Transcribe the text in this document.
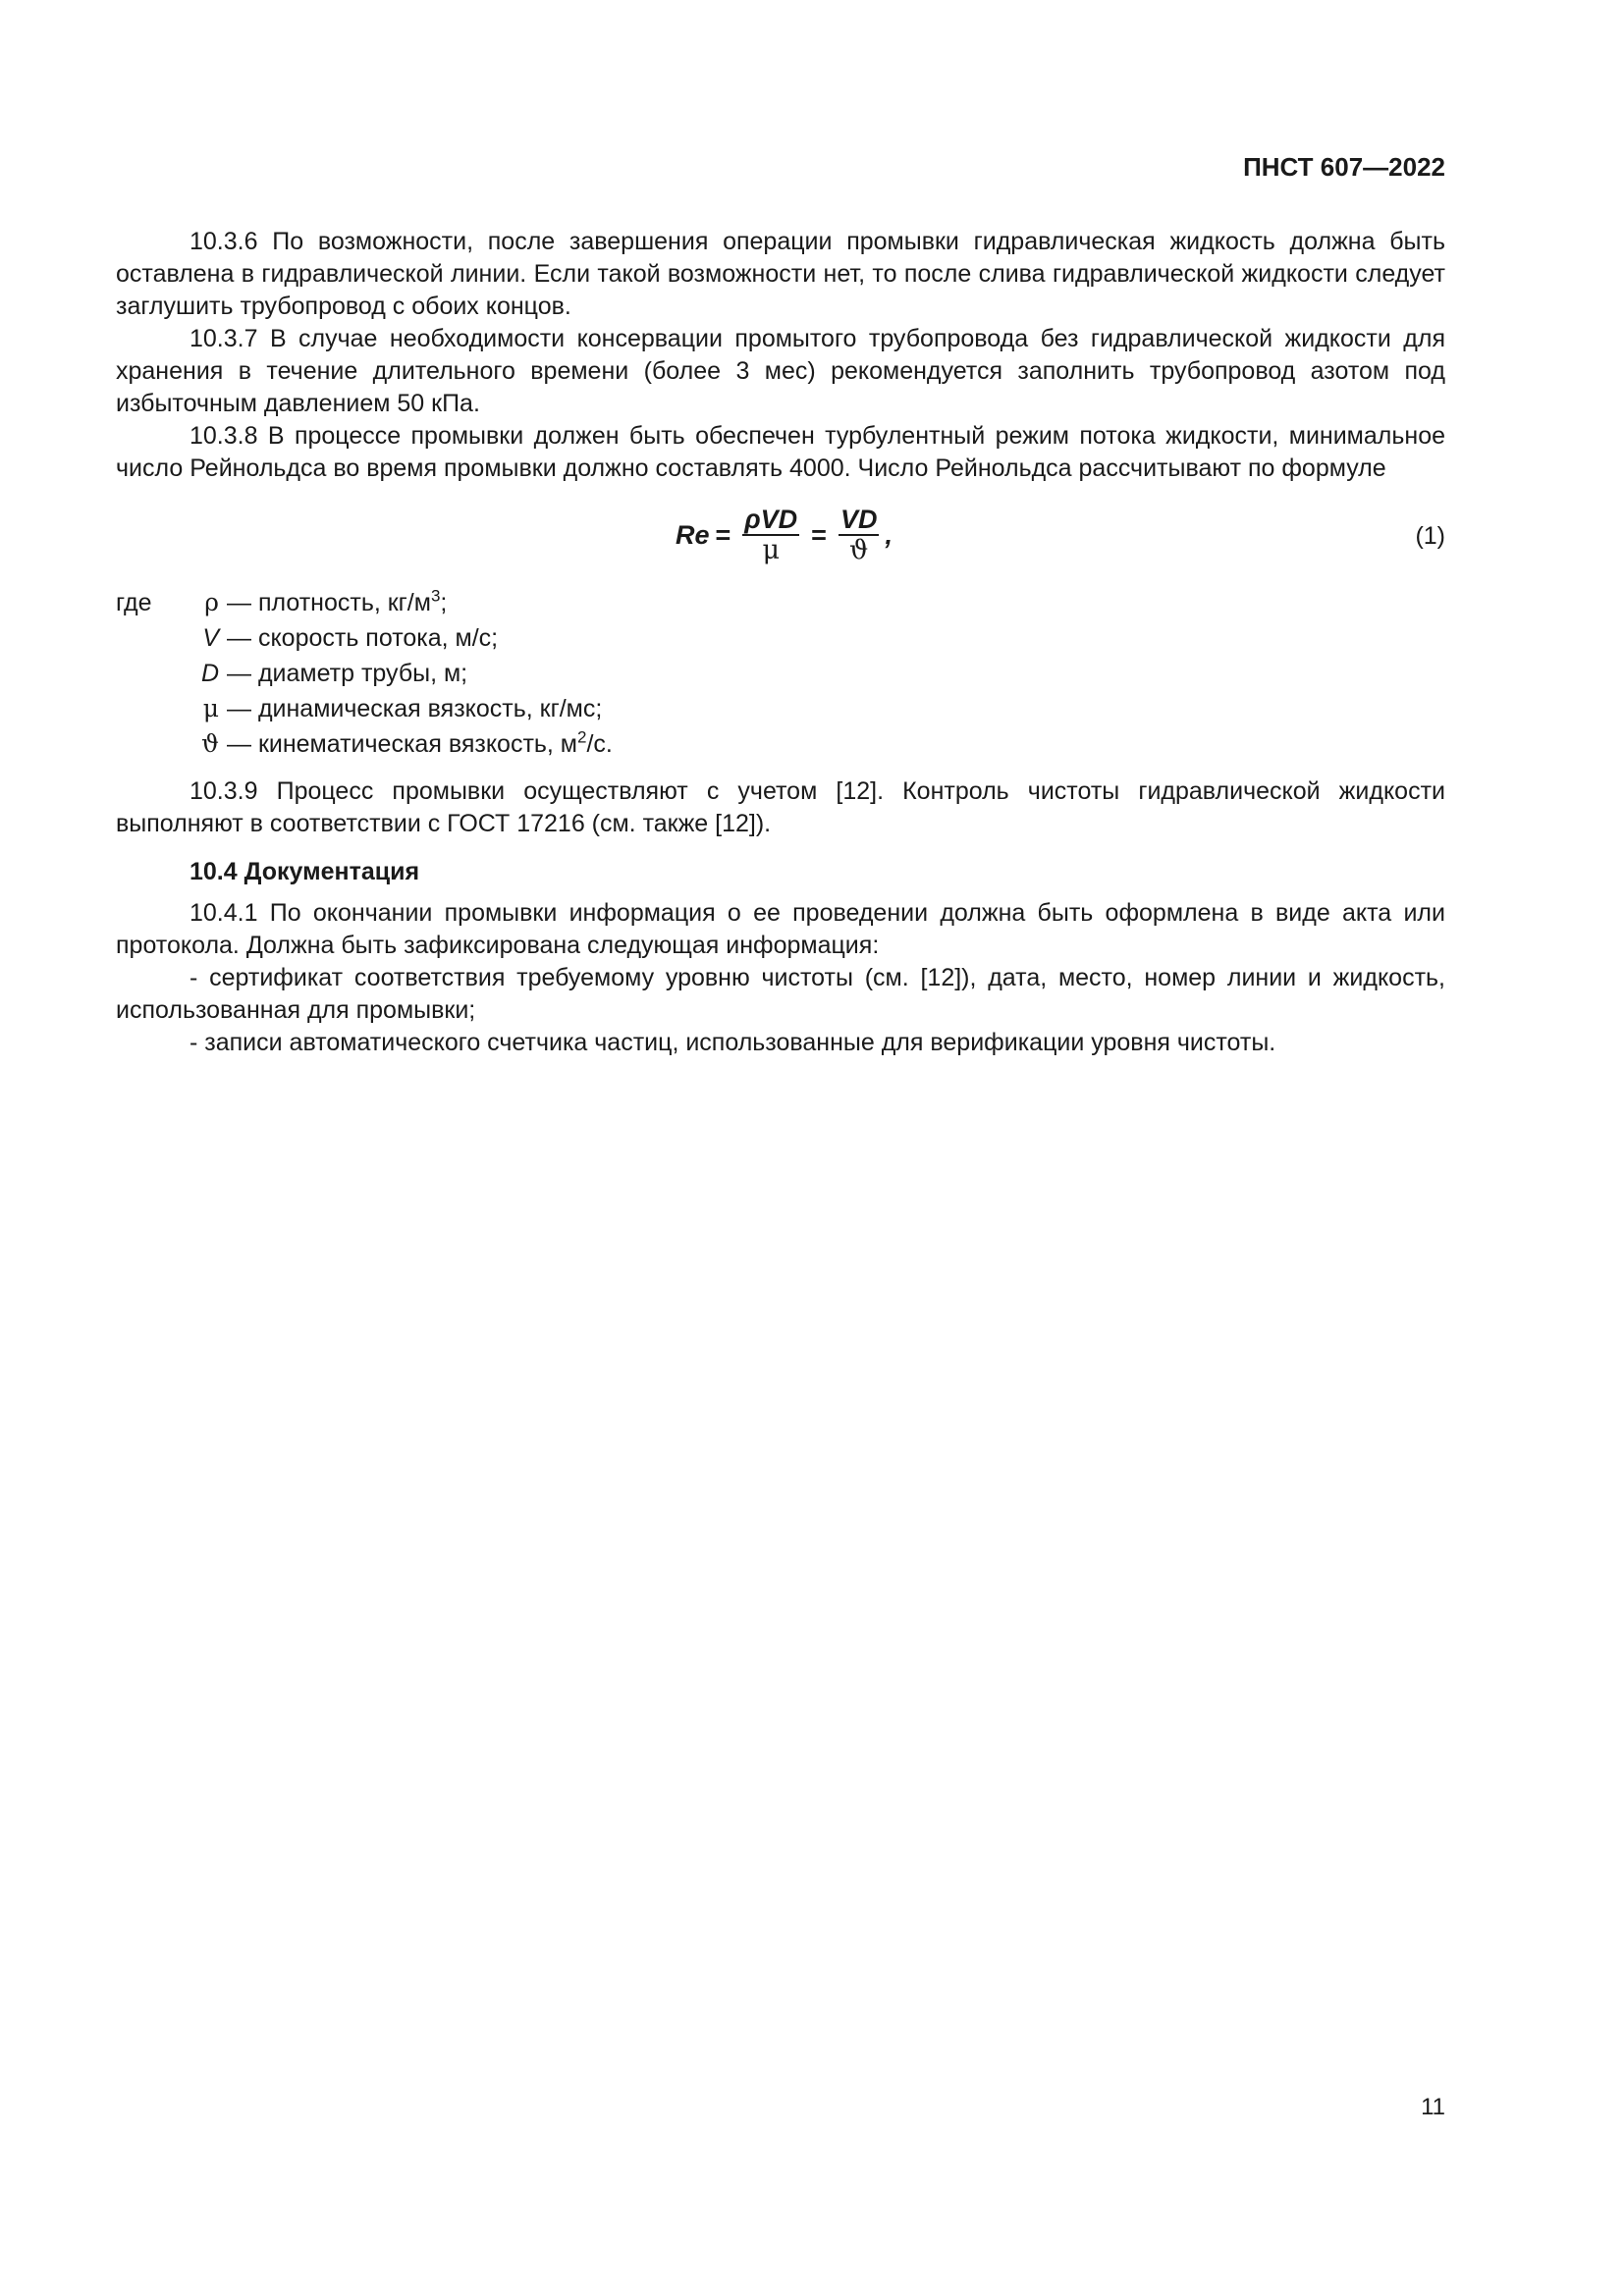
ПНСТ 607—2022

10.3.6 По возможности, после завершения операции промывки гидравлическая жидкость должна быть оставлена в гидравлической линии. Если такой возможности нет, то после слива гидравлической жидкости следует заглушить трубопровод с обоих концов.

10.3.7 В случае необходимости консервации промытого трубопровода без гидравлической жидкости для хранения в течение длительного времени (более 3 мес) рекомендуется заполнить трубопровод азотом под избыточным давлением 50 кПа.

10.3.8 В процессе промывки должен быть обеспечен турбулентный режим потока жидкости, минимальное число Рейнольдса во время промывки должно составлять 4000. Число Рейнольдса рассчитывают по формуле

$Re = \frac{\text{ρVD}}{\mu} = \frac{VD}{ϑ}$ ,	(1)
где	ρ — плотность, $кг/м^3$;
V — скорость потока, м/с;
D — диаметр трубы, м;
μ — динамическая вязкость, кг/мс;
ϑ — кинематическая вязкость, $м^2/с$.

10.3.9 Процесс промывки осуществляют с учетом [12]. Контроль чистоты гидравлической жидкости выполняют в соответствии с ГОСТ 17216 (см. также [12]).

10.4 Документация

10.4.1 По окончании промывки информация о ее проведении должна быть оформлена в виде акта или протокола. Должна быть зафиксирована следующая информация:

- сертификат соответствия требуемому уровню чистоты (см. [12]), дата, место, номер линии и жидкость, использованная для промывки;

- записи автоматического счетчика частиц, использованные для верификации уровня чистоты.

11
